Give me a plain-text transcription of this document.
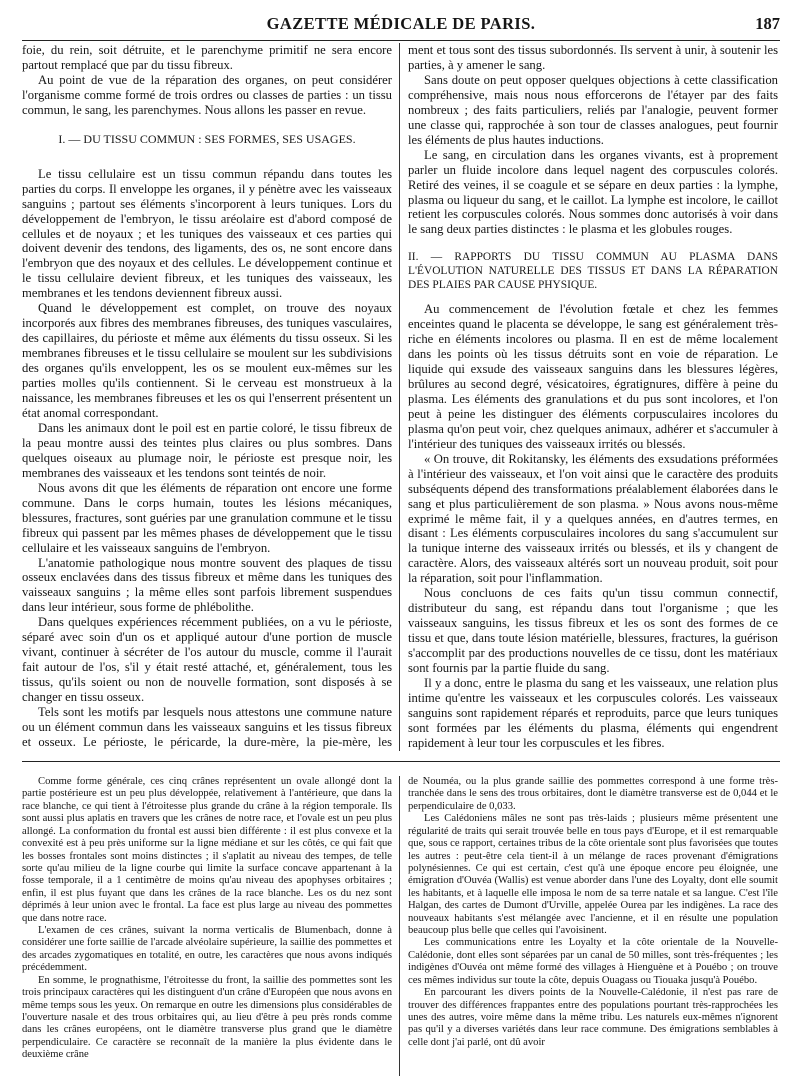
GAZETTE MÉDICALE DE PARIS.	187

foie, du rein, soit détruite, et le parenchyme primitif ne sera encore partout remplacé que par du tissu fibreux.

Au point de vue de la réparation des organes, on peut considérer l'organisme comme formé de trois ordres ou classes de parties : un tissu commun, le sang, les parenchymes. Nous allons les passer en revue.

I. — DU TISSU COMMUN : SES FORMES, SES USAGES.

Le tissu cellulaire est un tissu commun répandu dans toutes les parties du corps. Il enveloppe les organes, il y pénètre avec les vaisseaux sanguins ; partout ses éléments s'incorporent à leurs tuniques. Lors du développement de l'embryon, le tissu aréolaire est d'abord composé de cellules et de noyaux ; et les tuniques des vaisseaux et ces parties qui doivent devenir des tendons, des ligaments, des os, ne sont encore dans l'embryon que des noyaux et des cellules. Le développement continue et le tissu cellulaire devient fibreux, et les tuniques des vaisseaux, les membranes et les tendons deviennent fibreux aussi.

Quand le développement est complet, on trouve des noyaux incorporés aux fibres des membranes fibreuses, des tuniques vasculaires, des capillaires, du périoste et même aux éléments du tissu osseux. Si les membranes fibreuses et le tissu cellulaire se moulent sur les subdivisions des organes qu'ils enveloppent, les os se moulent eux-mêmes sur les parties molles qu'ils contiennent. Si le cerveau est monstrueux à la naissance, les membranes fibreuses et les os qui l'enserrent présentent un état anomal correspondant.

Dans les animaux dont le poil est en partie coloré, le tissu fibreux de la peau montre aussi des teintes plus claires ou plus sombres. Dans quelques oiseaux au plumage noir, le périoste est presque noir, les membranes des vaisseaux et les tendons sont teintés de noir.

Nous avons dit que les éléments de réparation ont encore une forme commune. Dans le corps humain, toutes les lésions mécaniques, blessures, fractures, sont guéries par une granulation commune et le tissu fibreux qui passent par les mêmes phases de développement que le tissu cellulaire et les vaisseaux sanguins de l'embryon.

L'anatomie pathologique nous montre souvent des plaques de tissu osseux enclavées dans des tissus fibreux et même dans les tuniques des vaisseaux sanguins ; la même elles sont parfois librement suspendues dans leur intérieur, sous forme de phlébolithe.

Dans quelques expériences récemment publiées, on a vu le périoste, séparé avec soin d'un os et appliqué autour d'une portion de muscle vivant, continuer à sécréter de l'os autour du muscle, comme il l'aurait fait autour de l'os, s'il y était resté attaché, et, généralement, tous les tissus, qu'ils soient ou non de nouvelle formation, sont disposés à se changer en tissu osseux.

Tels sont les motifs par lesquels nous attestons une commune nature ou un élément commun dans les vaisseaux sanguins et les tissus fibreux et osseux. Le périoste, le péricarde, la dure-mère, la pie-mère, les

ment et tous sont des tissus subordonnés. Ils servent à unir, à soutenir les parties, à y amener le sang.

Sans doute on peut opposer quelques objections à cette classification compréhensive, mais nous nous efforcerons de l'étayer par des faits nombreux ; des faits particuliers, reliés par l'analogie, peuvent former une classe qui, rapprochée à son tour de classes analogues, peut fournir les éléments de plus hautes inductions.

Le sang, en circulation dans les organes vivants, est à proprement parler un fluide incolore dans lequel nagent des corpuscules colorés. Retiré des veines, il se coagule et se sépare en deux parties : la lymphe, plasma ou liqueur du sang, et le caillot. La lymphe est incolore, le caillot retient les corpuscules colorés. Nous sommes donc autorisés à voir dans le sang deux parties distinctes : le plasma et les globules rouges.

II. — RAPPORTS DU TISSU COMMUN AU PLASMA DANS L'ÉVOLUTION NATURELLE DES TISSUS ET DANS LA RÉPARATION DES PLAIES PAR CAUSE PHYSIQUE.

Au commencement de l'évolution fœtale et chez les femmes enceintes quand le placenta se développe, le sang est généralement très-riche en éléments incolores ou plasma. Il en est de même localement dans les points où les tissus détruits sont en voie de réparation. Le liquide qui exsude des vaisseaux sanguins dans les blessures légères, brûlures au second degré, vésicatoires, égratignures, diffère à peine du plasma. Les éléments des granulations et du pus sont incolores, et l'on peut à peine les distinguer des éléments corpusculaires incolores du plasma qu'on peut voir, chez quelques animaux, adhérer et s'accumuler à l'intérieur des tuniques des vaisseaux irrités ou blessés.

« On trouve, dit Rokitansky, les éléments des exsudations préformées à l'intérieur des vaisseaux, et l'on voit ainsi que le caractère des produits subséquents dépend des transformations préalablement élaborées dans le sang et plus particulièrement de son plasma. » Nous avons nous-même exprimé le même fait, il y a quelques années, en d'autres termes, en disant : Les éléments corpusculaires incolores du sang s'accumulent sur la tunique interne des vaisseaux irrités ou blessés, et ils y changent de caractère. Alors, des vaisseaux altérés sort un nouveau produit, soit pour la réparation, soit pour l'inflammation.

Nous concluons de ces faits qu'un tissu commun connectif, distributeur du sang, est répandu dans tout l'organisme ; que les vaisseaux sanguins, les tissus fibreux et les os sont des formes de ce tissu et que, dans toute lésion matérielle, blessures, fractures, la guérison s'accomplit par des productions nouvelles de ce tissu, dont les matériaux sont fournis par la partie fluide du sang.

Il y a donc, entre le plasma du sang et les vaisseaux, une relation plus intime qu'entre les vaisseaux et les corpuscules colorés. Les vaisseaux sanguins sont rapidement réparés et reproduits, parce que leurs tuniques sont formées par les éléments du plasma, éléments qui engendrent rapidement à leur tour les corpuscules et les fibres.

Comme forme générale, ces cinq crânes représentent un ovale allongé dont la partie postérieure est un peu plus développée, relativement à l'antérieure, que dans la race blanche, ce qui tient à l'étroitesse plus grande du crâne à la région temporale. Ils sont aussi plus aplatis en travers que les crânes de notre race, et l'ovale est un peu plus allongé. La conformation du frontal est aussi bien différente : il est plus convexe et la convexité est à peu près uniforme sur la ligne médiane et sur les côtés, ce qui fait que les bosses frontales sont moins distinctes ; il s'aplatit au niveau des tempes, de telle sorte qu'au milieu de la ligne courbe qui limite la surface concave appartenant à la fosse temporale, il a 1 centimètre de moins qu'au niveau des apophyses orbitaires ; enfin, il est plus fuyant que dans les crânes de la race blanche. Les os du nez sont déprimés à leur union avec le frontal. La face est plus large au niveau des pommettes que dans notre race.

L'examen de ces crânes, suivant la norma verticalis de Blumenbach, donne à considérer une forte saillie de l'arcade alvéolaire supérieure, la saillie des pommettes et des arcades zygomatiques en totalité, en outre, les caractères que nous avons indiqués précédemment.

En somme, le prognathisme, l'étroitesse du front, la saillie des pommettes sont les trois principaux caractères qui les distinguent d'un crâne d'Européen que nous avons en même temps sous les yeux. On remarque en outre les dimensions plus considérables de l'ouverture nasale et des trous orbitaires qui, au lieu d'être à peu près ronds comme dans les crânes européens, ont le diamètre transverse plus grand que le diamètre perpendiculaire. Ce caractère se reconnaît de la manière la plus évidente dans le deuxième crâne

de Nouméa, ou la plus grande saillie des pommettes correspond à une forme très-tranchée dans le sens des trous orbitaires, dont le diamètre transverse est de 0,044 et le perpendiculaire de 0,033.

Les Calédoniens mâles ne sont pas très-laids ; plusieurs même présentent une régularité de traits qui serait trouvée belle en tous pays d'Europe, et il est remarquable que, sous ce rapport, certaines tribus de la côte orientale sont plus favorisées que toutes les autres : peut-être cela tient-il à un mélange de races provenant d'émigrations polynésiennes. Ce qui est certain, c'est qu'à une époque encore peu éloignée, une émigration d'Ouvéa (Wallis) est venue aborder dans l'une des Loyalty, dont elle soumit les habitants, et à laquelle elle imposa le nom de sa terre natale et sa langue. C'est l'île Halgan, des cartes de Dumont d'Urville, appelée Ourea par les indigènes. La race des nouveaux habitants s'est mélangée avec l'ancienne, et il en résulte une population beaucoup plus belle que celles qui l'avoisinent.

Les communications entre les Loyalty et la côte orientale de la Nouvelle-Calédonie, dont elles sont séparées par un canal de 50 milles, sont très-fréquentes ; les indigènes d'Ouvéa ont même formé des villages à Hienguène et à Pouébo ; on trouve ces mêmes individus sur toute la côte, depuis Ouagass ou Tiouaka jusqu'à Pouébo.

En parcourant les divers points de la Nouvelle-Calédonie, il n'est pas rare de trouver des différences frappantes entre des populations pourtant très-rapprochées les unes des autres, voire même dans la même tribu. Les naturels eux-mêmes n'ignorent pas qu'il y a diverses variétés dans leur race commune. Des émigrations semblables à celle dont j'ai parlé, ont dû avoir
